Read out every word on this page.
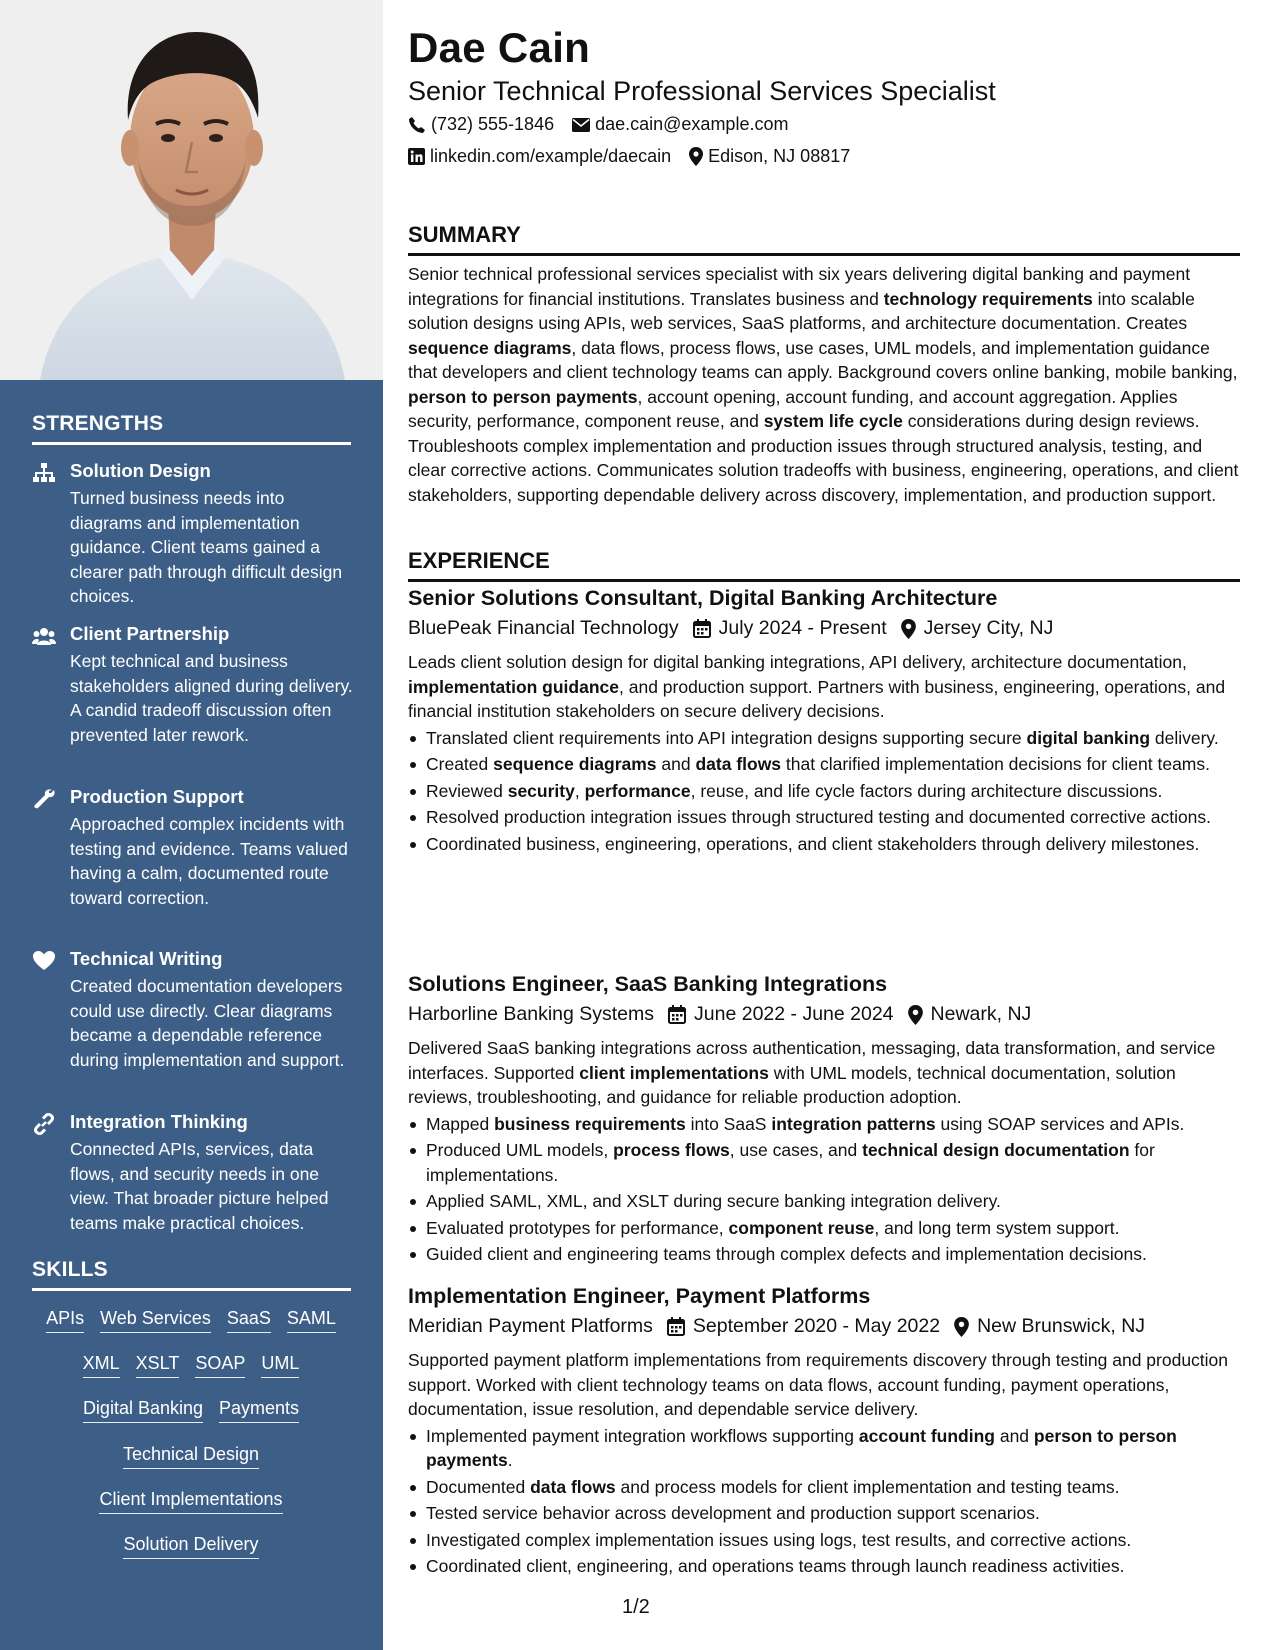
STRENGTHS
Solution Design
Turned business needs into diagrams and implementation guidance. Client teams gained a clearer path through difficult design choices.
Client Partnership
Kept technical and business stakeholders aligned during delivery. A candid tradeoff discussion often prevented later rework.
Production Support
Approached complex incidents with testing and evidence. Teams valued having a calm, documented route toward correction.
Technical Writing
Created documentation developers could use directly. Clear diagrams became a dependable reference during implementation and support.
Integration Thinking
Connected APIs, services, data flows, and security needs in one view. That broader picture helped teams make practical choices.
SKILLS
APIs Web Services SaaS SAML
XML XSLT SOAP UML
Digital Banking Payments
Technical Design
Client Implementations
Solution Delivery
Dae Cain
Senior Technical Professional Services Specialist
(732) 555-1846 dae.cain@example.com
linkedin.com/example/daecain Edison, NJ 08817
SUMMARY

Senior technical professional services specialist with six years delivering digital banking and payment integrations for financial institutions. Translates business and technology requirements into scalable solution designs using APIs, web services, SaaS platforms, and architecture documentation. Creates sequence diagrams, data flows, process flows, use cases, UML models, and implementation guidance that developers and client technology teams can apply. Background covers online banking, mobile banking, person to person payments, account opening, account funding, and account aggregation. Applies security, performance, component reuse, and system life cycle considerations during design reviews. Troubleshoots complex implementation and production issues through structured analysis, testing, and clear corrective actions. Communicates solution tradeoffs with business, engineering, operations, and client stakeholders, supporting dependable delivery across discovery, implementation, and production support.

EXPERIENCE
Senior Solutions Consultant, Digital Banking Architecture
BluePeak Financial Technology July 2024 - Present Jersey City, NJ

Leads client solution design for digital banking integrations, API delivery, architecture documentation, implementation guidance, and production support. Partners with business, engineering, operations, and financial institution stakeholders on secure delivery decisions.

Translated client requirements into API integration designs supporting secure digital banking delivery.
Created sequence diagrams and data flows that clarified implementation decisions for client teams.
Reviewed security, performance, reuse, and life cycle factors during architecture discussions.
Resolved production integration issues through structured testing and documented corrective actions.
Coordinated business, engineering, operations, and client stakeholders through delivery milestones.
Solutions Engineer, SaaS Banking Integrations
Harborline Banking Systems June 2022 - June 2024 Newark, NJ

Delivered SaaS banking integrations across authentication, messaging, data transformation, and service interfaces. Supported client implementations with UML models, technical documentation, solution reviews, troubleshooting, and guidance for reliable production adoption.

Mapped business requirements into SaaS integration patterns using SOAP services and APIs.
Produced UML models, process flows, use cases, and technical design documentation for implementations.
Applied SAML, XML, and XSLT during secure banking integration delivery.
Evaluated prototypes for performance, component reuse, and long term system support.
Guided client and engineering teams through complex defects and implementation decisions.
Implementation Engineer, Payment Platforms
Meridian Payment Platforms September 2020 - May 2022 New Brunswick, NJ

Supported payment platform implementations from requirements discovery through testing and production support. Worked with client technology teams on data flows, account funding, payment operations, documentation, issue resolution, and dependable service delivery.

Implemented payment integration workflows supporting account funding and person to person payments.
Documented data flows and process models for client implementation and testing teams.
Tested service behavior across development and production support scenarios.
Investigated complex implementation issues using logs, test results, and corrective actions.
Coordinated client, engineering, and operations teams through launch readiness activities.
1/2
